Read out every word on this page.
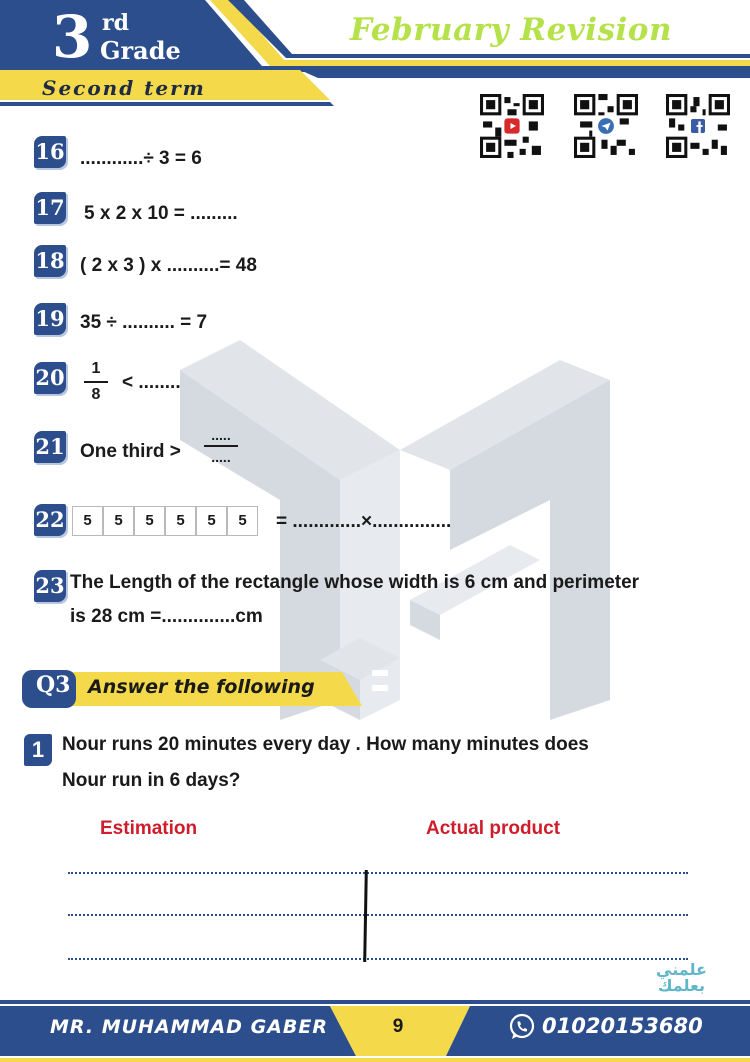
3 rd
Grade
February Revision
Second term
16 ............÷ 3 = 6
17 5 x 2 x 10 = .........
18 ( 2 x 3 ) x ..........= 48
19 35 ÷ .......... = 7
20	1
8
< ........
21 One third >
.....
.....
22	5	5	5	5	5	5	= .............×...............
23 The Length of the rectangle whose width is 6 cm and perimeter
is 28 cm =..............cm
Q3 Answer the following
1 Nour runs 20 minutes every day . How many minutes does
Nour run in 6 days?
Estimation	Actual product
علمني
بعلمك
MR. MUHAMMAD GABER	9	01020153680
